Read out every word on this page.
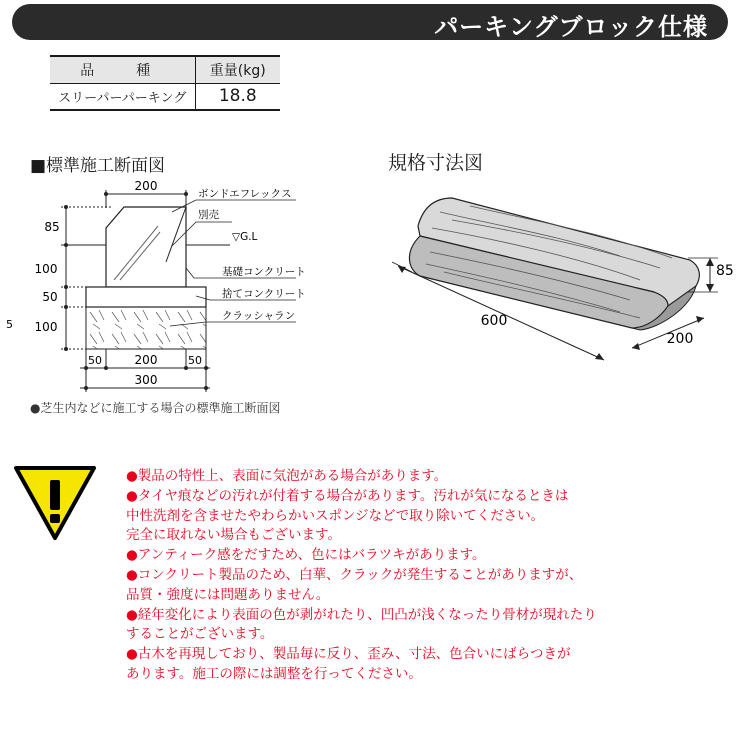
パーキングブロック仕様
品　種	重量(kg)
スリーパーパーキング	18.8
■標準施工断面図	規格寸法図
200
85
100
50
100
5
50	200	50
300
ボンドエフレックス
別売
▽G.L
基礎コンクリート
捨てコンクリート
クラッシャラン
●芝生内などに施工する場合の標準施工断面図
600
200
85
●製品の特性上、表面に気泡がある場合があります。
●タイヤ痕などの汚れが付着する場合があります。汚れが気になるときは
中性洗剤を含ませたやわらかいスポンジなどで取り除いてください。
完全に取れない場合もございます。
●アンティーク感をだすため、色にはバラツキがあります。
●コンクリート製品のため、白華、クラックが発生することがありますが、
品質・強度には問題ありません。
●経年変化により表面の色が剥がれたり、凹凸が浅くなったり骨材が現れたり
することがございます。
●古木を再現しており、製品毎に反り、歪み、寸法、色合いにばらつきが
あります。施工の際には調整を行ってください。
